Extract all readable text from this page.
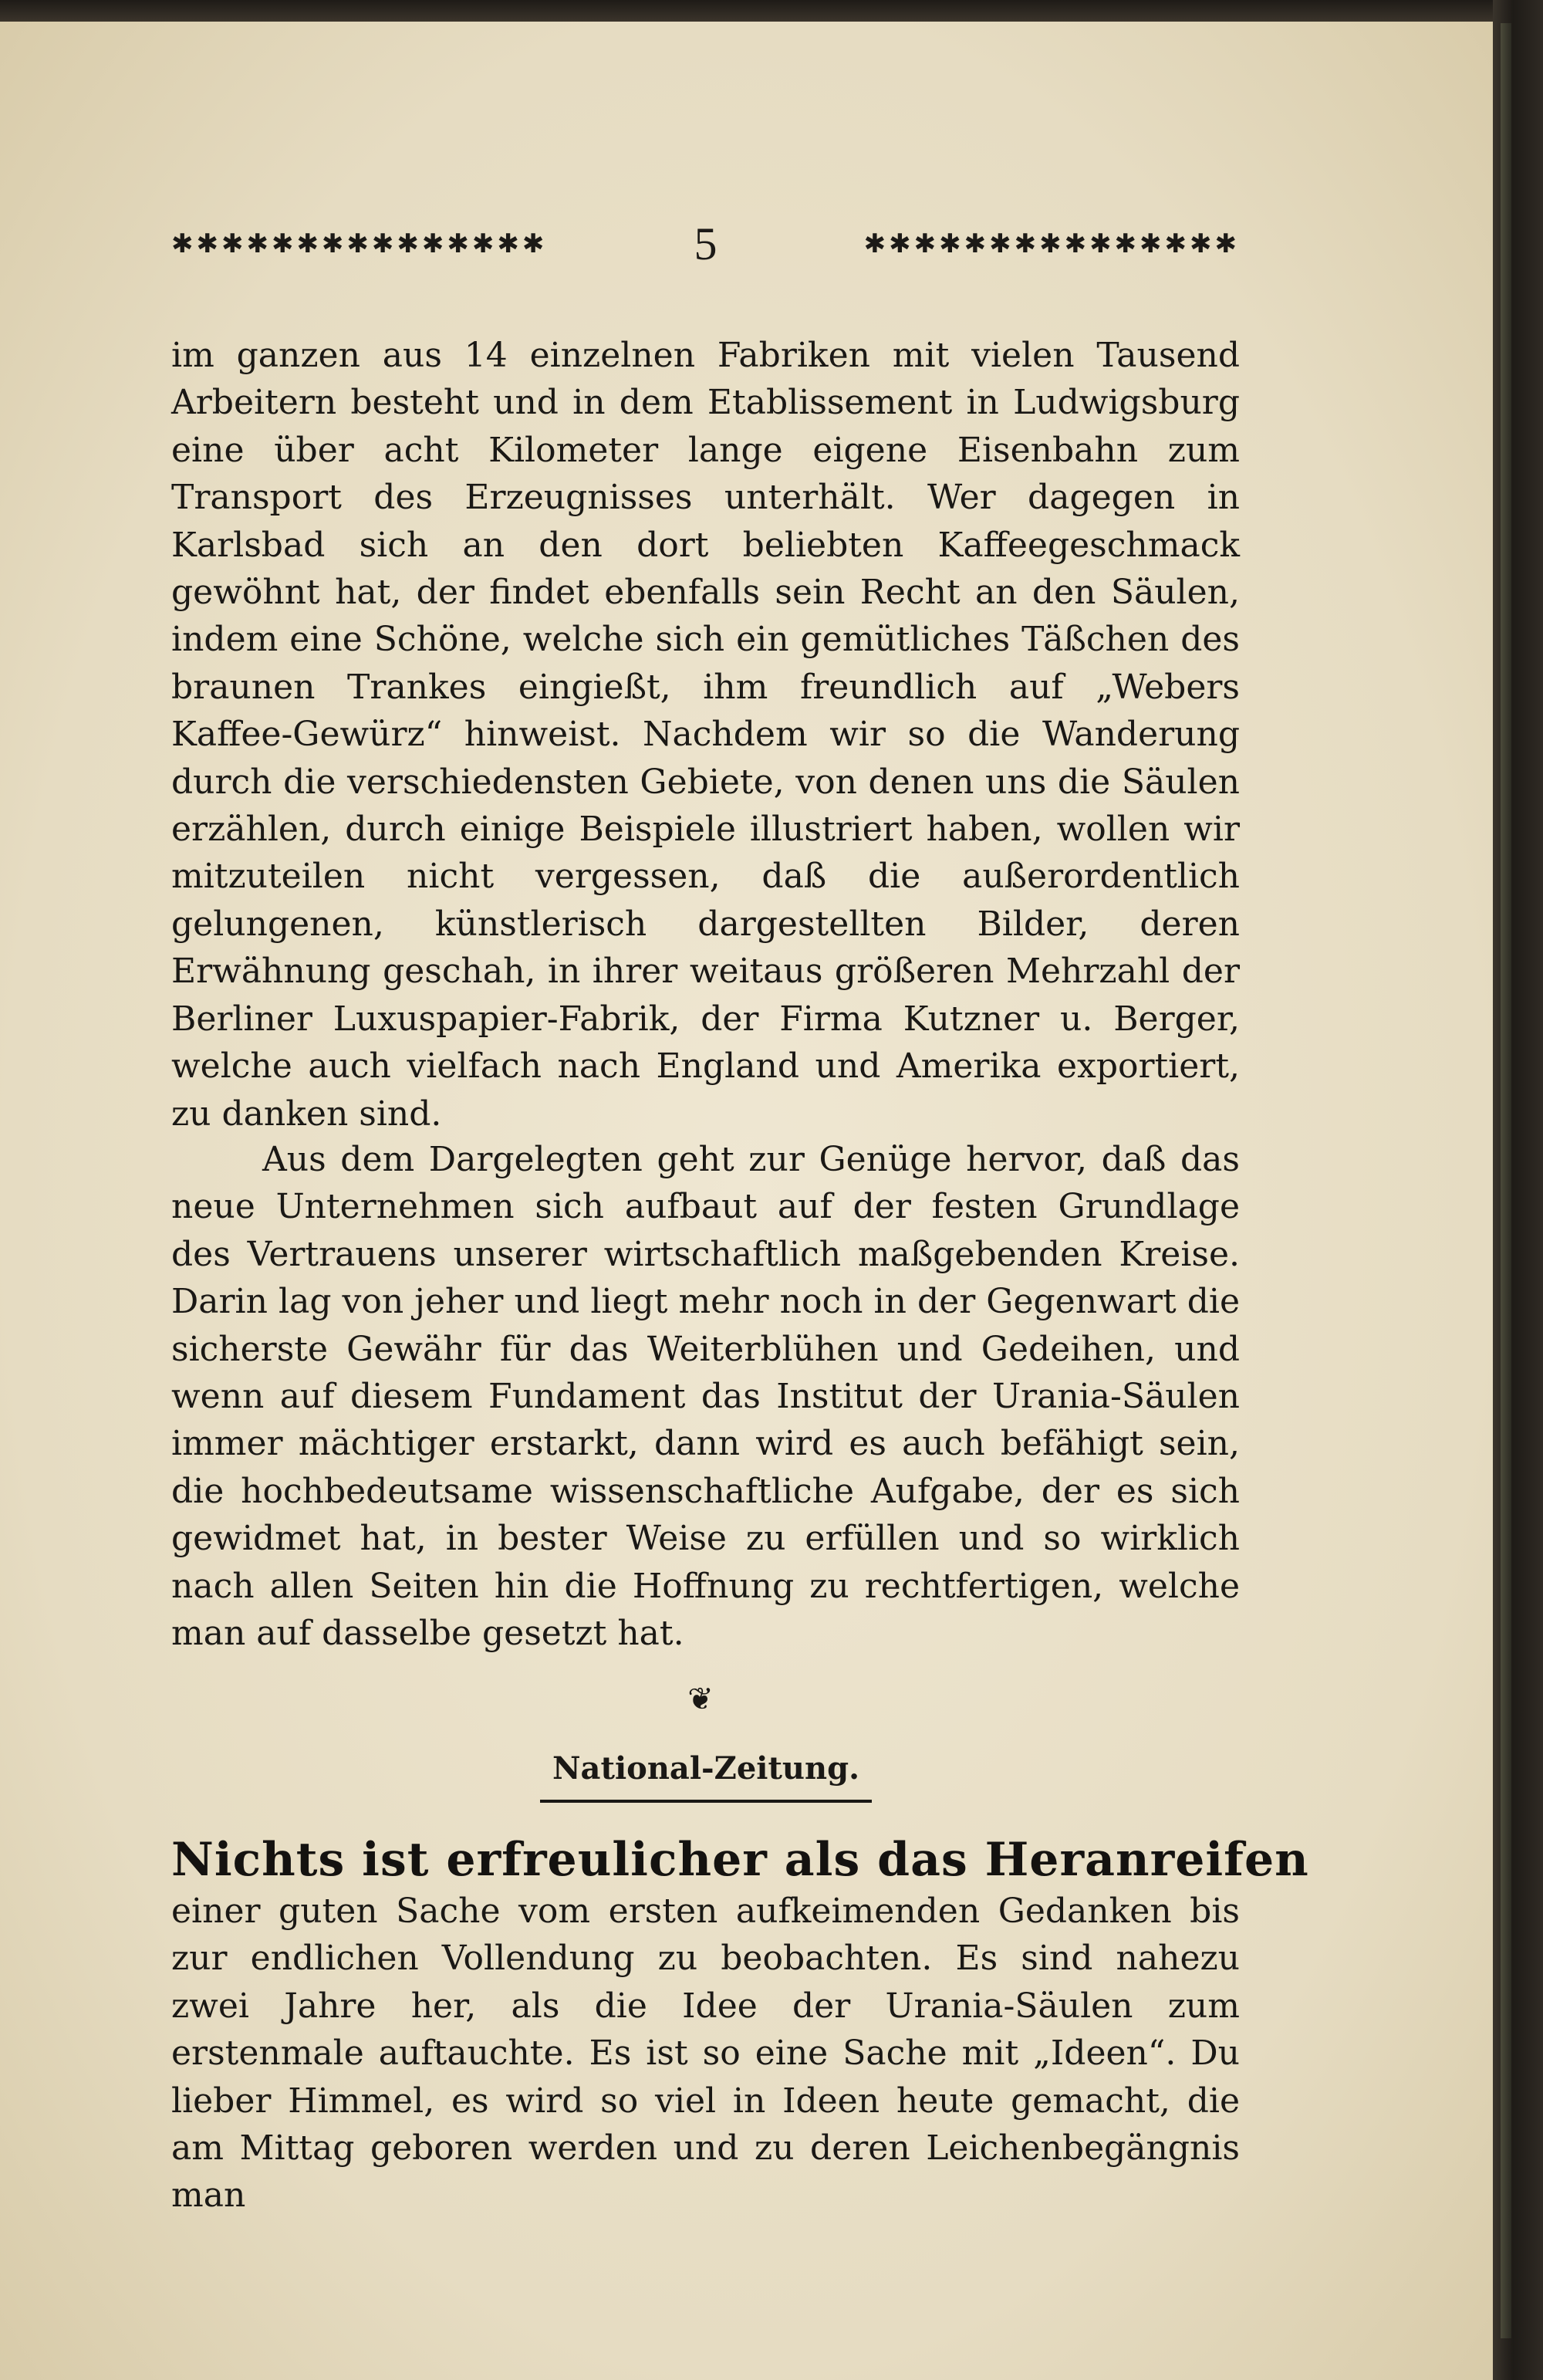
✱✱✱✱✱✱✱✱✱✱✱✱✱✱✱	5	✱✱✱✱✱✱✱✱✱✱✱✱✱✱✱

im ganzen aus 14 einzelnen Fabriken mit vielen Tausend Arbeitern besteht und in dem Etablissement in Ludwigsburg eine über acht Kilometer lange eigene Eisenbahn zum Transport des Erzeugnisses unterhält. Wer dagegen in Karlsbad sich an den dort beliebten Kaffeegeschmack gewöhnt hat, der findet ebenfalls sein Recht an den Säulen, indem eine Schöne, welche sich ein gemütliches Täßchen des braunen Trankes eingießt, ihm freundlich auf „Webers Kaffee-Gewürz“ hinweist. Nachdem wir so die Wanderung durch die verschiedensten Gebiete, von denen uns die Säulen erzählen, durch einige Beispiele illustriert haben, wollen wir mitzuteilen nicht vergessen, daß die außerordentlich gelungenen, künstlerisch dargestellten Bilder, deren Erwähnung geschah, in ihrer weitaus größeren Mehrzahl der Berliner Luxuspapier-Fabrik, der Firma Kutzner u. Berger, welche auch vielfach nach England und Amerika exportiert, zu danken sind.

Aus dem Dargelegten geht zur Genüge hervor, daß das neue Unternehmen sich aufbaut auf der festen Grundlage des Vertrauens unserer wirtschaftlich maßgebenden Kreise. Darin lag von jeher und liegt mehr noch in der Gegenwart die sicherste Gewähr für das Weiterblühen und Gedeihen, und wenn auf diesem Fundament das Institut der Urania-Säulen immer mächtiger erstarkt, dann wird es auch befähigt sein, die hochbedeutsame wissenschaftliche Aufgabe, der es sich gewidmet hat, in bester Weise zu erfüllen und so wirklich nach allen Seiten hin die Hoffnung zu rechtfertigen, welche man auf dasselbe gesetzt hat.

❦
National-Zeitung.
Nichts ist erfreulicher als das Heranreifen

einer guten Sache vom ersten aufkeimenden Gedanken bis zur endlichen Vollendung zu beobachten. Es sind nahezu zwei Jahre her, als die Idee der Urania-Säulen zum erstenmale auftauchte. Es ist so eine Sache mit „Ideen“. Du lieber Himmel, es wird so viel in Ideen heute gemacht, die am Mittag geboren werden und zu deren Leichenbegängnis man
